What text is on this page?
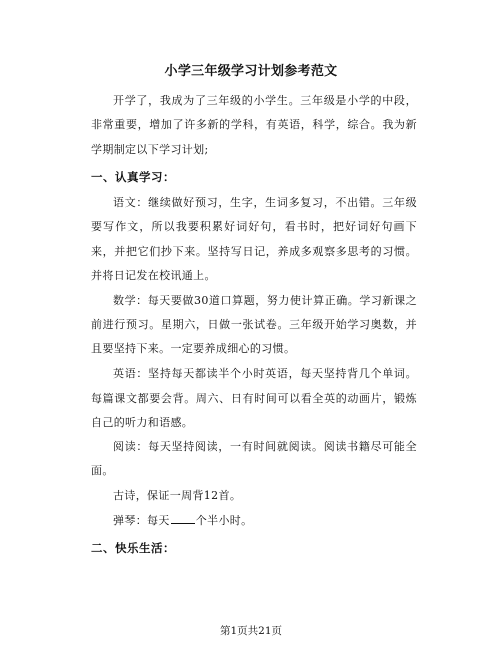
小学三年级学习计划参考范文

开学了，我成为了三年级的小学生。三年级是小学的中段，非常重要，增加了许多新的学科，有英语，科学，综合。我为新学期制定以下学习计划;

一、认真学习：

语文：继续做好预习，生字，生词多复习，不出错。三年级要写作文，所以我要积累好词好句，看书时，把好词好句画下来，并把它们抄下来。坚持写日记，养成多观察多思考的习惯。并将日记发在校讯通上。

数学：每天要做30道口算题，努力使计算正确。学习新课之前进行预习。星期六，日做一张试卷。三年级开始学习奥数，并且要坚持下来。一定要养成细心的习惯。

英语：坚持每天都读半个小时英语，每天坚持背几个单词。每篇课文都要会背。周六、日有时间可以看全英的动画片，锻炼自己的听力和语感。

阅读：每天坚持阅读，一有时间就阅读。阅读书籍尽可能全面。

古诗，保证一周背12首。

弹琴：每天 个半小时。

二、快乐生活：
第1页共21页
